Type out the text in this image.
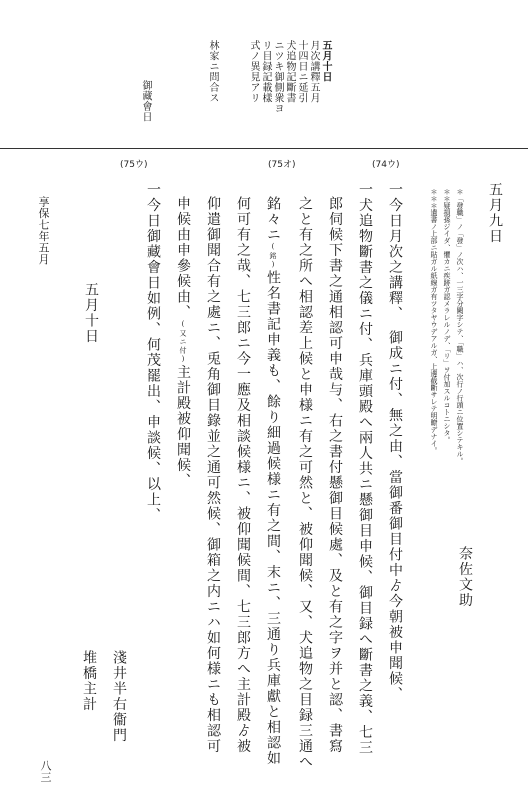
五月十日
月次講釋五月
十四日ニ延引
犬追物記斷書
ニツキ御側衆ヨ
リ目録記載樣
式ノ異見アリ
林家ニ問合ス
御藏會日
(75ウ)	(75オ)	(74ウ)
五月九日
奈佐文助
＊「發職」ノ「發」ノ次ハ、一三字分闕字シテ、「職」ハ、次行ノ行頭ニ位置シテキル。
＊＊疑損孫ジイダ、懼カニ疾跡ガ認メラレルノデ、「リ」ヲ付加スルコトニシタ。
＊＊＊遺書ノ上部ニ貼ガル紙線ガ有ツタヤウデアルガ、上邊截斷サレテ明瞭デナイ。
一今日月次之講釋、　御成ニ付、無之由、當御番御目付中ゟ今朝被申聞候、
一犬追物斷書之儀ニ付、兵庫頭殿へ兩人共ニ懸御目申候、御目録へ斷書之義、七三
郎伺候下書之通相認可申哉与、右之書付懸御目候處、及と有之字ヲ并と認、書寫
之と有之所へ相認差上候と申様ニ有之可然と、被仰聞候、又、犬追物之目録三通へ
銘々ニ(銘)性名書記申義も、餘り細過候様ニ有之間、末ニ、三通り兵庫獻と相認如
何可有之哉、七三郎ニ今一應及相談候様ニ、被仰聞候間、七三郎方へ主計殿ゟ被
仰遣御聞合有之處ニ、兎角御目錄並之通可然候、御箱之内ニハ如何様ニも相認可
申候由申參候由、(又ニ付)主計殿被仰聞候、
一今日御藏會日如例、何茂罷出、申談候、以上、
五月十日
淺井半右衞門
堆橋主計
享保七年五月
八三
